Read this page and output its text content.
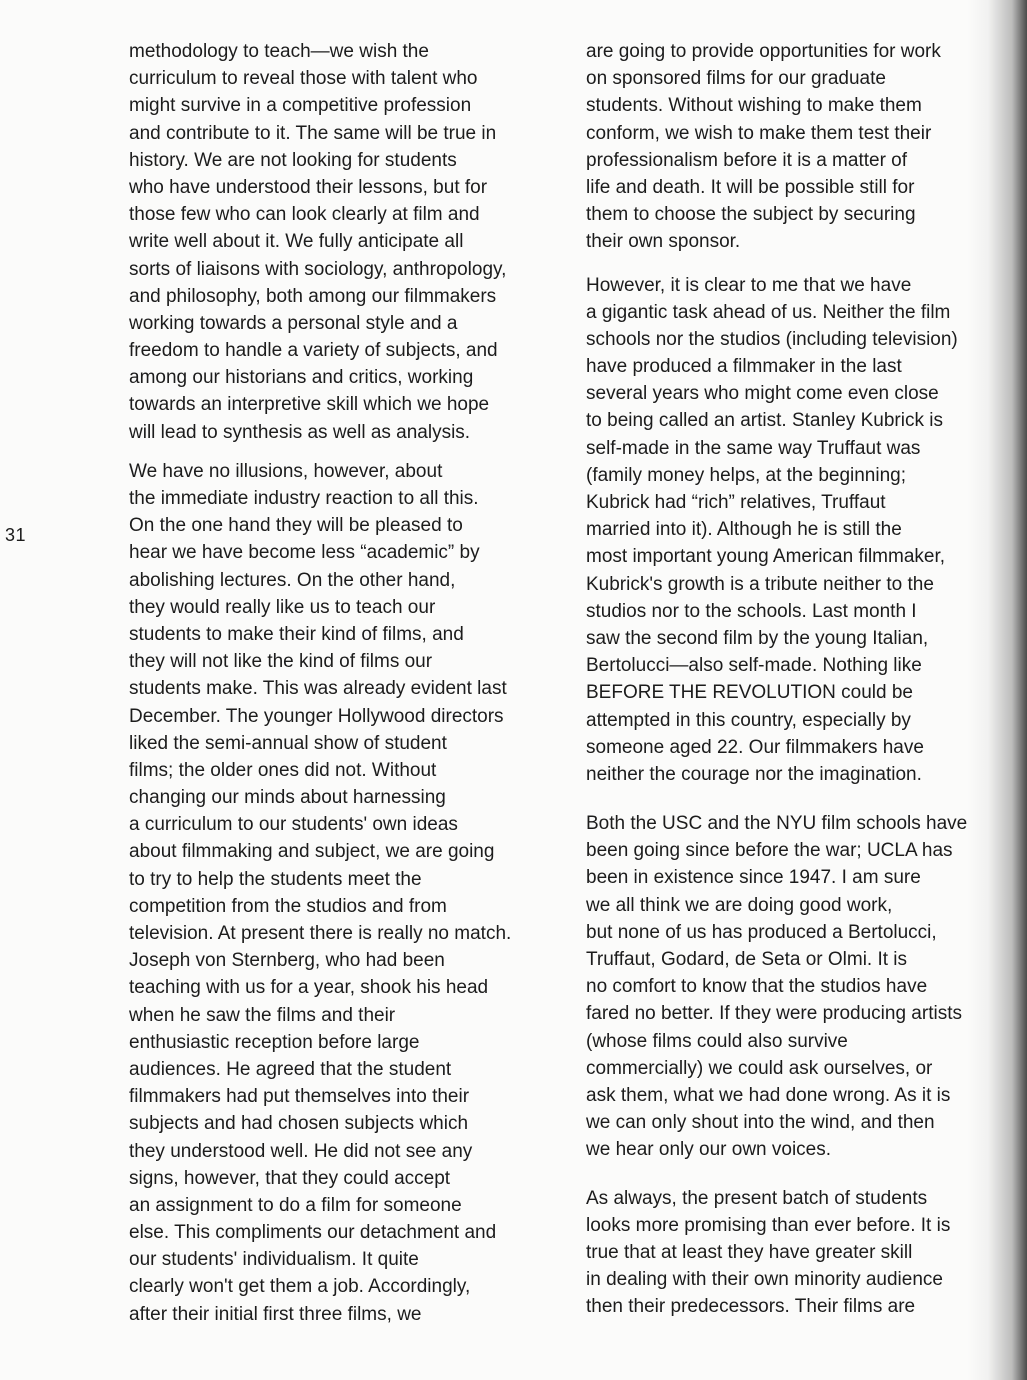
31
methodology to teach—we wish the
curriculum to reveal those with talent who
might survive in a competitive profession
and contribute to it. The same will be true in
history. We are not looking for students
who have understood their lessons, but for
those few who can look clearly at film and
write well about it. We fully anticipate all
sorts of liaisons with sociology, anthropology,
and philosophy, both among our filmmakers
working towards a personal style and a
freedom to handle a variety of subjects, and
among our historians and critics, working
towards an interpretive skill which we hope
will lead to synthesis as well as analysis.
We have no illusions, however, about
the immediate industry reaction to all this.
On the one hand they will be pleased to
hear we have become less “academic” by
abolishing lectures. On the other hand,
they would really like us to teach our
students to make their kind of films, and
they will not like the kind of films our
students make. This was already evident last
December. The younger Hollywood directors
liked the semi-annual show of student
films; the older ones did not. Without
changing our minds about harnessing
a curriculum to our students' own ideas
about filmmaking and subject, we are going
to try to help the students meet the
competition from the studios and from
television. At present there is really no match.
Joseph von Sternberg, who had been
teaching with us for a year, shook his head
when he saw the films and their
enthusiastic reception before large
audiences. He agreed that the student
filmmakers had put themselves into their
subjects and had chosen subjects which
they understood well. He did not see any
signs, however, that they could accept
an assignment to do a film for someone
else. This compliments our detachment and
our students' individualism. It quite
clearly won't get them a job. Accordingly,
after their initial first three films, we
are going to provide opportunities for work
on sponsored films for our graduate
students. Without wishing to make them
conform, we wish to make them test their
professionalism before it is a matter of
life and death. It will be possible still for
them to choose the subject by securing
their own sponsor.
However, it is clear to me that we have
a gigantic task ahead of us. Neither the film
schools nor the studios (including television)
have produced a filmmaker in the last
several years who might come even close
to being called an artist. Stanley Kubrick is
self-made in the same way Truffaut was
(family money helps, at the beginning;
Kubrick had “rich” relatives, Truffaut
married into it). Although he is still the
most important young American filmmaker,
Kubrick's growth is a tribute neither to the
studios nor to the schools. Last month I
saw the second film by the young Italian,
Bertolucci—also self-made. Nothing like
BEFORE THE REVOLUTION could be
attempted in this country, especially by
someone aged 22. Our filmmakers have
neither the courage nor the imagination.
Both the USC and the NYU film schools have
been going since before the war; UCLA has
been in existence since 1947. I am sure
we all think we are doing good work,
but none of us has produced a Bertolucci,
Truffaut, Godard, de Seta or Olmi. It is
no comfort to know that the studios have
fared no better. If they were producing artists
(whose films could also survive
commercially) we could ask ourselves, or
ask them, what we had done wrong. As it is
we can only shout into the wind, and then
we hear only our own voices.
As always, the present batch of students
looks more promising than ever before. It is
true that at least they have greater skill
in dealing with their own minority audience
then their predecessors. Their films are
